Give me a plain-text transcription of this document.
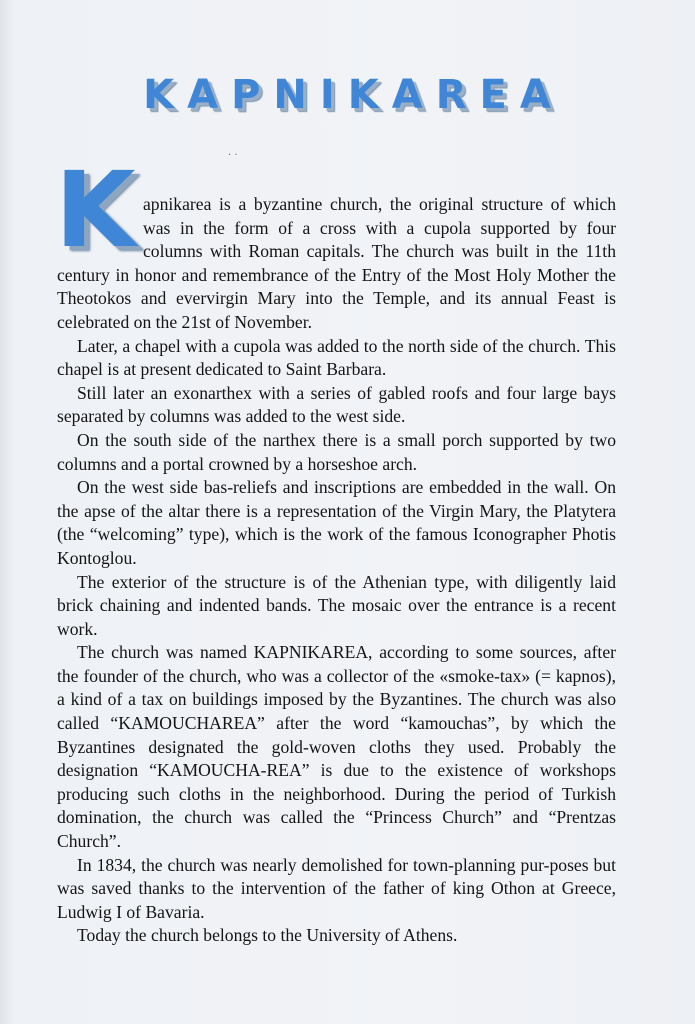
KAPNIKAREA
· ·

K apnikarea is a byzantine church, the original structure of which was in the form of a cross with a cupola supported by four columns with Roman capitals. The church was built in the 11th century in honor and remembrance of the Entry of the Most Holy Mother the Theotokos and evervirgin Mary into the Temple, and its annual Feast is celebrated on the 21st of November.

Later, a chapel with a cupola was added to the north side of the church. This chapel is at present dedicated to Saint Barbara.

Still later an exonarthex with a series of gabled roofs and four large bays separated by columns was added to the west side.

On the south side of the narthex there is a small porch supported by two columns and a portal crowned by a horseshoe arch.

On the west side bas-reliefs and inscriptions are embedded in the wall. On the apse of the altar there is a representation of the Virgin Mary, the Platytera (the “welcoming” type), which is the work of the famous Iconographer Photis Kontoglou.

The exterior of the structure is of the Athenian type, with diligently laid brick chaining and indented bands. The mosaic over the entrance is a recent work.

The church was named KAPNIKAREA, according to some sources, after the founder of the church, who was a collector of the «smoke-tax» (= kapnos), a kind of a tax on buildings imposed by the Byzantines. The church was also called “KAMOUCHAREA” after the word “kamouchas”, by which the Byzantines designated the gold-woven cloths they used. Probably the designation “KAMOUCHA-REA” is due to the existence of workshops producing such cloths in the neighborhood. During the period of Turkish domination, the church was called the “Princess Church” and “Prentzas Church”.

In 1834, the church was nearly demolished for town-planning pur-poses but was saved thanks to the intervention of the father of king Othon at Greece, Ludwig I of Bavaria.

Today the church belongs to the University of Athens.
